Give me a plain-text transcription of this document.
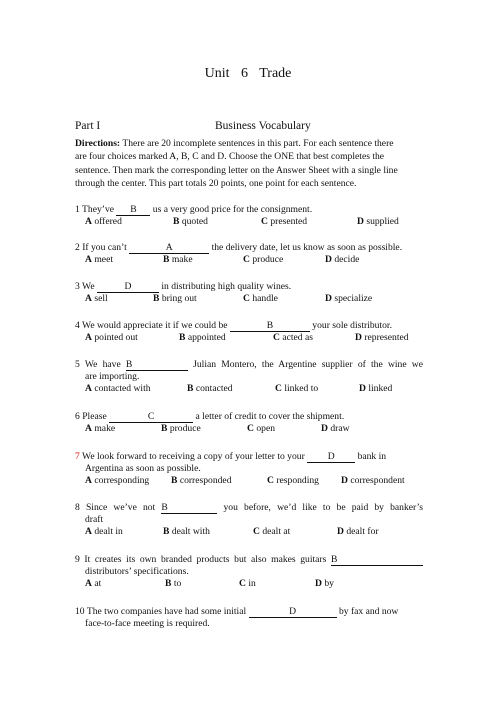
Unit 6 Trade
Part I	Business Vocabulary
Directions: There are 20 incomplete sentences in this part. For each sentence there
are four choices marked A, B, C and D. Choose the ONE that best completes the
sentence. Then mark the corresponding letter on the Answer Sheet with a single line
through the center. This part totals 20 points, one point for each sentence.
1 They’ve B us a very good price for the consignment.
A offered	B quoted	C presented	D supplied
2 If you can’t	A	the delivery date, let us know as soon as possible.
A meet	B make	C produce	D decide
3 We	D	in distributing high quality wines.
A sell	B bring out	C handle	D specialize
4 We would appreciate it if we could be	B	your sole distributor.
A pointed out	B appointed	C acted as	D represented
5 We have B	Julian Montero, the Argentine supplier of the wine we
are importing.
A contacted with	B contacted	C linked to	D linked
6 Please	C	a letter of credit to cover the shipment.
A make	B produce	C open	D draw
7 We look forward to receiving a copy of your letter to your D bank in
Argentina as soon as possible.
A corresponding B corresponded	C responding D correspondent
8 Since we’ve not B	you before, we’d like to be paid by banker’s
draft
A dealt in	B dealt with	C dealt at	D dealt for
9 It creates its own branded products but also makes guitars B
distributors’ specifications.
A at	B to	C in	D by
10 The two companies have had some initial	D	by fax and now
face-to-face meeting is required.
